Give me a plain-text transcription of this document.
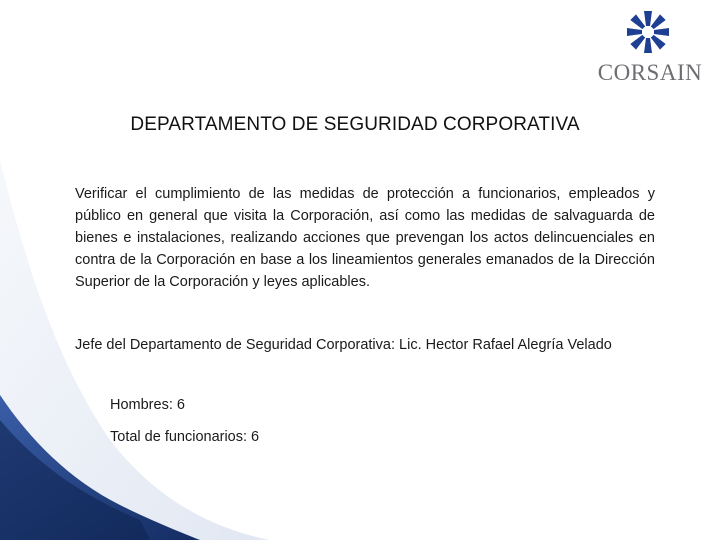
CORSAIN
DEPARTAMENTO DE SEGURIDAD CORPORATIVA
Verificar el cumplimiento de las medidas de protección a funcionarios, empleados y público en general que visita la Corporación, así como las medidas de salvaguarda de bienes e instalaciones, realizando acciones que prevengan los actos delincuenciales en contra de la Corporación en base a los lineamientos generales emanados de la Dirección Superior de la Corporación y leyes aplicables.
Jefe del Departamento de Seguridad Corporativa: Lic. Hector Rafael Alegría Velado
Hombres: 6
Total de funcionarios: 6
